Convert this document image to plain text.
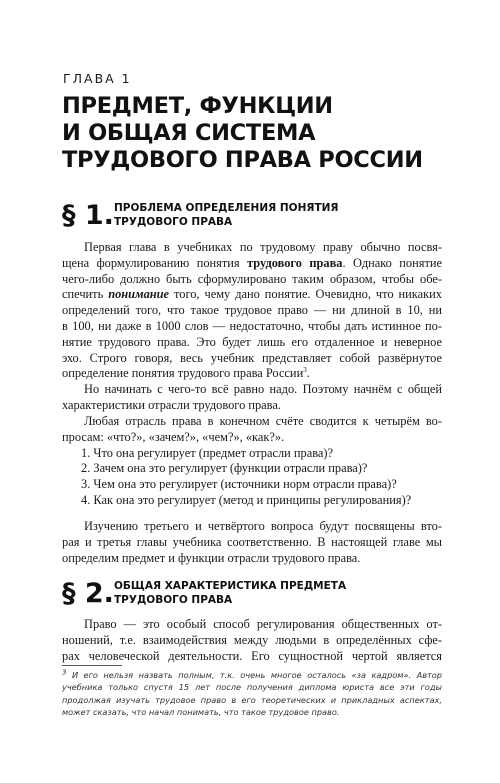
ГЛАВА 1
ПРЕДМЕТ, ФУНКЦИИ
И ОБЩАЯ СИСТЕМА
ТРУДОВОГО ПРАВА РОССИИ
§ 1. ПРОБЛЕМА ОПРЕДЕЛЕНИЯ ПОНЯТИЯ
ТРУДОВОГО ПРАВА
Первая глава в учебниках по трудовому праву обычно посвя-
щена формулированию понятия трудового права. Однако понятие
чего-либо должно быть сформулировано таким образом, чтобы обе-
спечить понимание того, чему дано понятие. Очевидно, что никаких
определений того, что такое трудовое право — ни длиной в 10, ни
в 100, ни даже в 1000 слов — недостаточно, чтобы дать истинное по-
нятие трудового права. Это будет лишь его отдаленное и неверное
эхо. Строго говоря, весь учебник представляет собой развёрнутое
определение понятия трудового права России$^3$.
Но начинать с чего-то всё равно надо. Поэтому начнём с общей
характеристики отрасли трудового права.
Любая отрасль права в конечном счёте сводится к четырём во-
просам: «что?», «зачем?», «чем?», «как?».
1. Что она регулирует (предмет отрасли права)?
2. Зачем она это регулирует (функции отрасли права)?
3. Чем она это регулирует (источники норм отрасли права)?
4. Как она это регулирует (метод и принципы регулирования)?
Изучению третьего и четвёртого вопроса будут посвящены вто-
рая и третья главы учебника соответственно. В настоящей главе мы
определим предмет и функции отрасли трудового права.
§ 2. ОБЩАЯ ХАРАКТЕРИСТИКА ПРЕДМЕТА
ТРУДОВОГО ПРАВА
Право — это особый способ регулирования общественных от-
ношений, т.е. взаимодействия между людьми в определённых сфе-
рах человеческой деятельности. Его сущностной чертой является
$^3$ И его нельзя назвать полным, т.к. очень многое осталось «за кадром». Автор
учебника только спустя 15 лет после получения диплома юриста все эти годы
продолжая изучать трудовое право в его теоретических и прикладных аспектах,
может сказать, что начал понимать, что такое трудовое право.
